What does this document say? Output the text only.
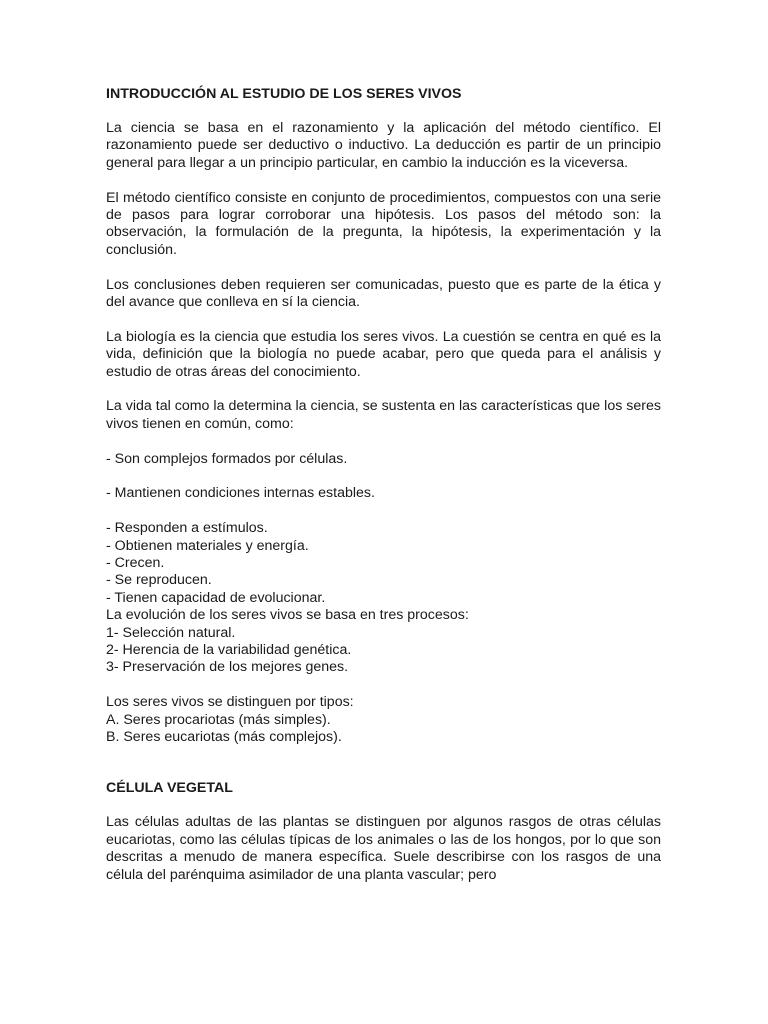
INTRODUCCIÓN AL ESTUDIO DE LOS SERES VIVOS
La ciencia se basa en el razonamiento y la aplicación del método científico. El razonamiento puede ser deductivo o inductivo. La deducción es partir de un principio general para llegar a un principio particular, en cambio la inducción es la viceversa.
El método científico consiste en conjunto de procedimientos, compuestos con una serie de pasos para lograr corroborar una hipótesis. Los pasos del método son: la observación, la formulación de la pregunta, la hipótesis, la experimentación y la conclusión.
Los conclusiones deben requieren ser comunicadas, puesto que es parte de la ética y del avance que conlleva en sí la ciencia.
La biología es la ciencia que estudia los seres vivos. La cuestión se centra en qué es la vida, definición que la biología no puede acabar, pero que queda para el análisis y estudio de otras áreas del conocimiento.
La vida tal como la determina la ciencia, se sustenta en las características que los seres vivos tienen en común, como:
- Son complejos formados por células.
- Mantienen condiciones internas estables.
- Responden a estímulos.
- Obtienen materiales y energía.
- Crecen.
- Se reproducen.
- Tienen capacidad de evolucionar.
La evolución de los seres vivos se basa en tres procesos:
1- Selección natural.
2- Herencia de la variabilidad genética.
3- Preservación de los mejores genes.
Los seres vivos se distinguen por tipos:
A. Seres procariotas (más simples).
B. Seres eucariotas (más complejos).
CÉLULA VEGETAL
Las células adultas de las plantas se distinguen por algunos rasgos de otras células eucariotas, como las células típicas de los animales o las de los hongos, por lo que son descritas a menudo de manera específica. Suele describirse con los rasgos de una célula del parénquima asimilador de una planta vascular; pero
